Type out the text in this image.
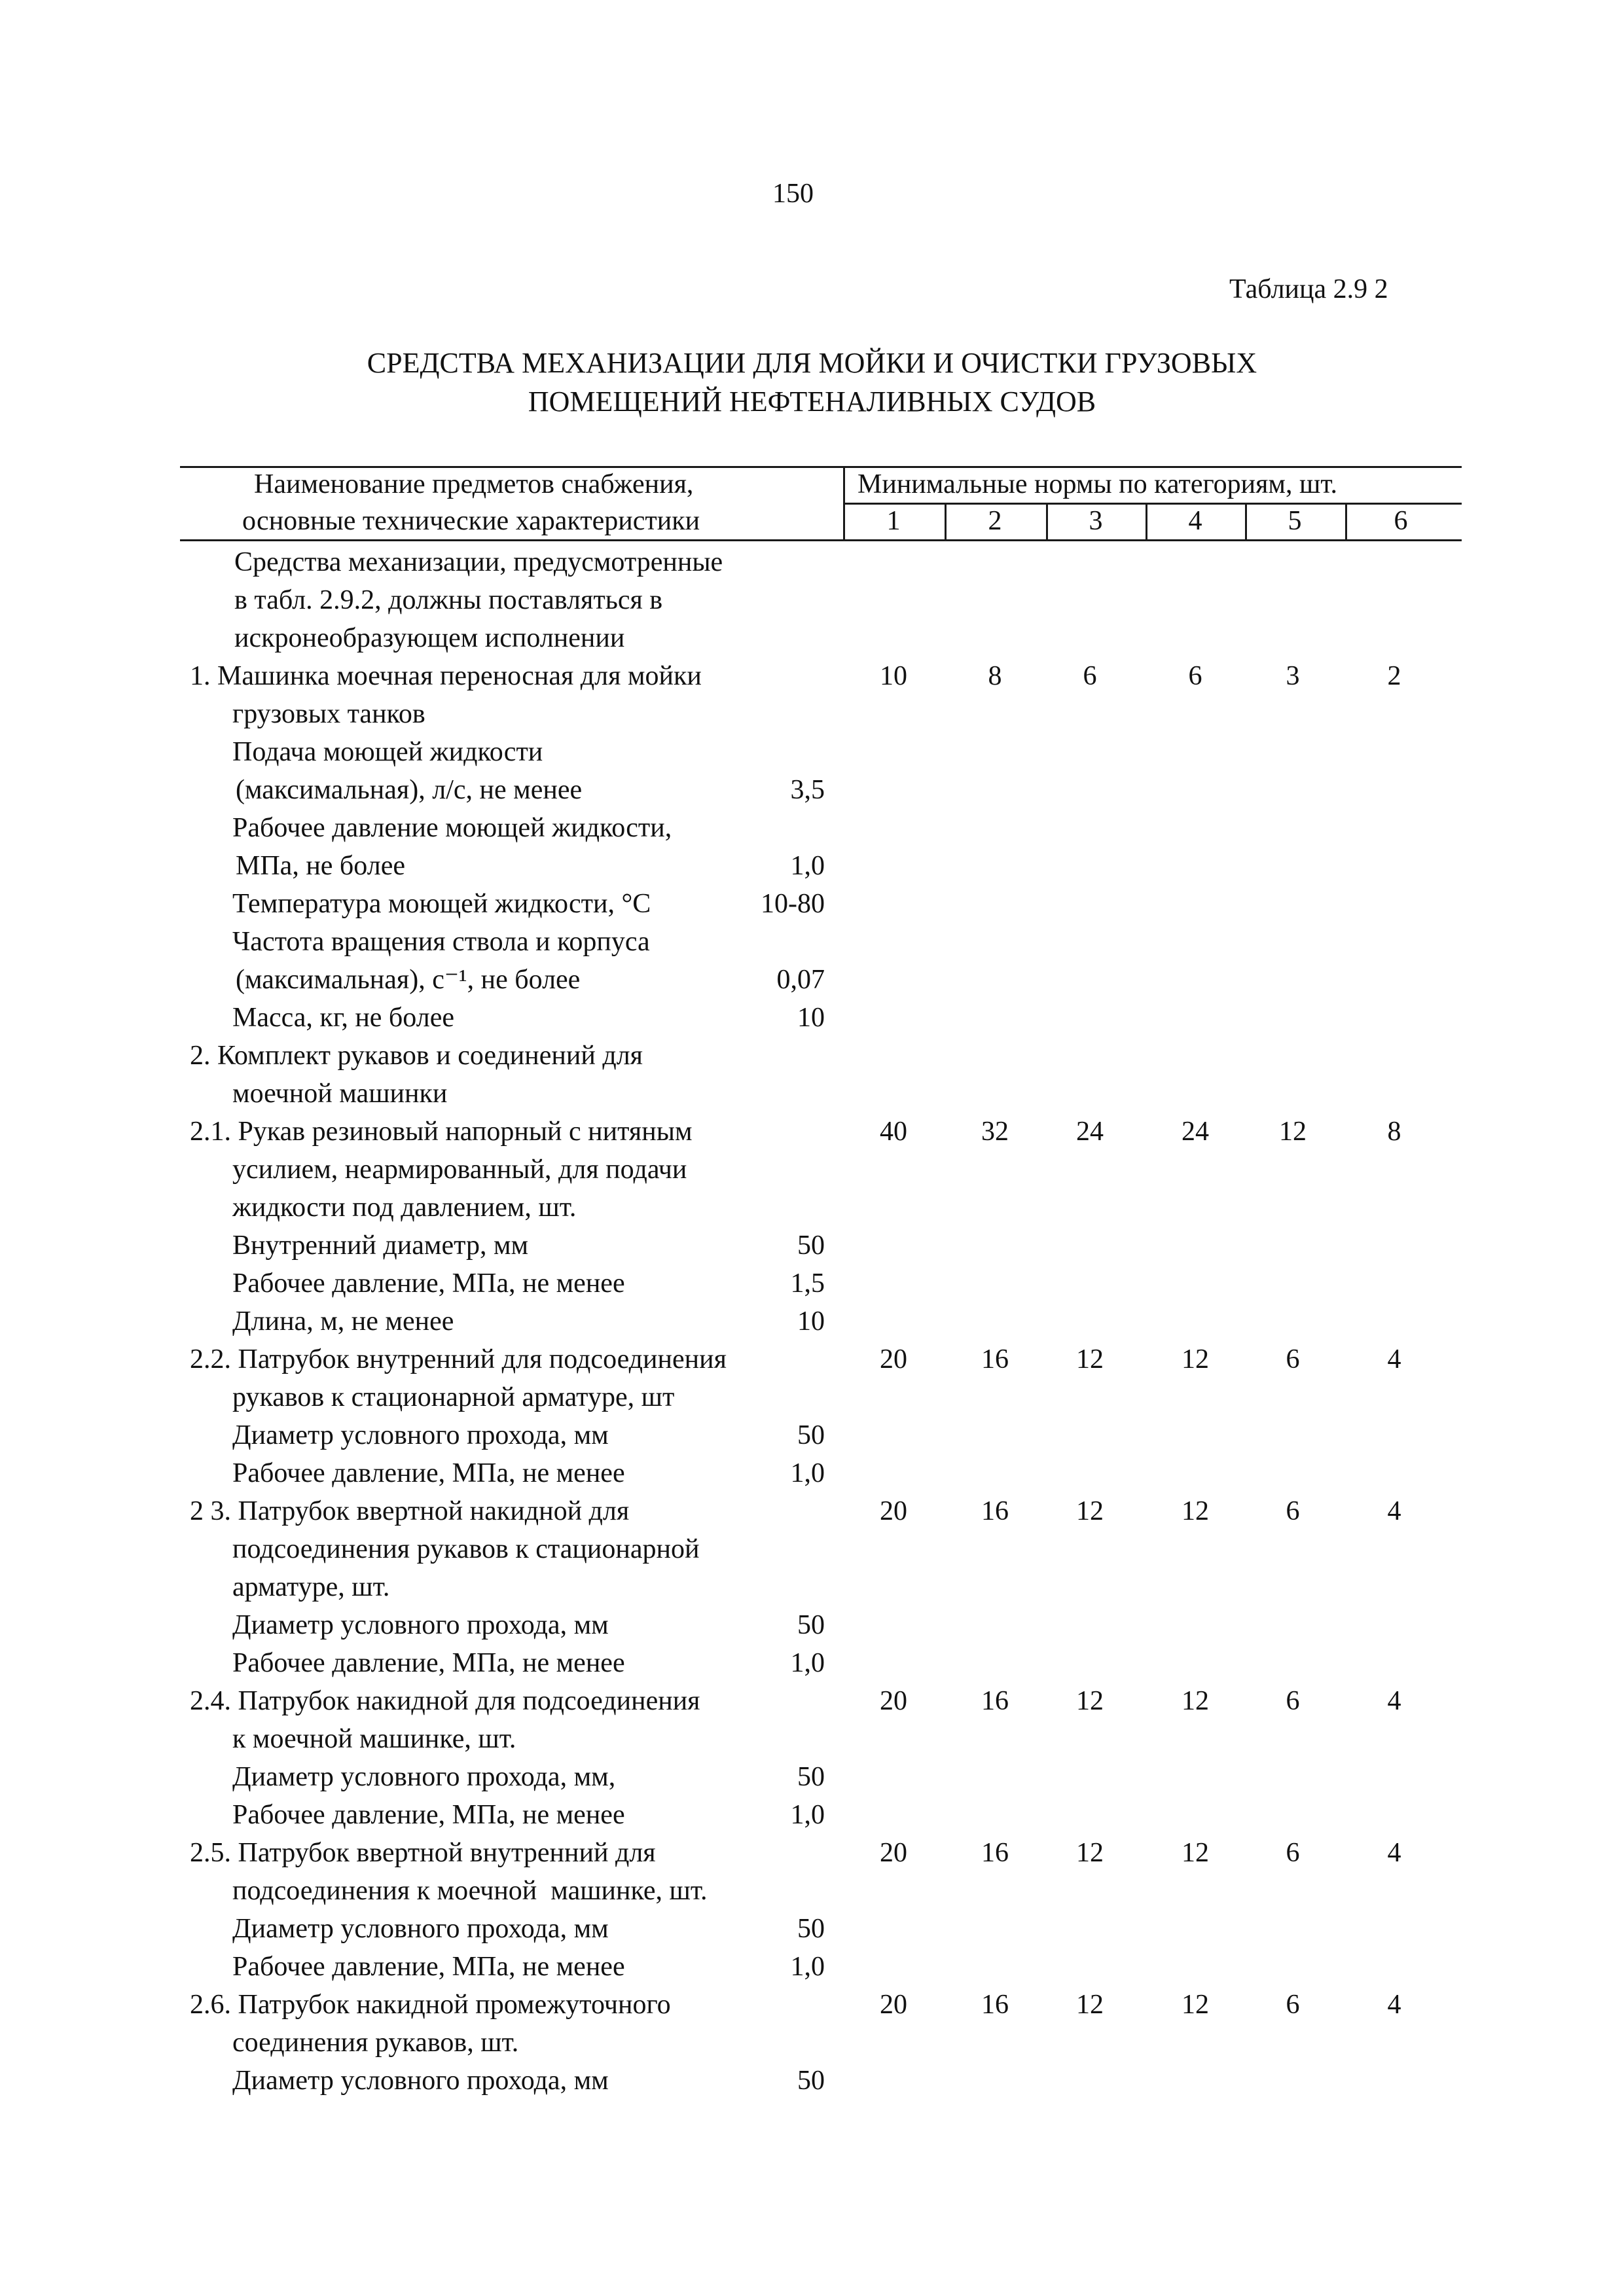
150
Таблица 2.9 2
СРЕДСТВА МЕХАНИЗАЦИИ ДЛЯ МОЙКИ И ОЧИСТКИ ГРУЗОВЫХ
ПОМЕЩЕНИЙ НЕФТЕНАЛИВНЫХ СУДОВ
Наименование предметов снабжения,
основные технические характеристики
Минимальные нормы по категориям, шт.
1	2	3	4	5	6
Средства механизации, предусмотренные
в табл. 2.9.2, должны поставляться в
искронеобразующем исполнении
1. Машинка моечная переносная для мойки
грузовых танков
10	8	6	6	3	2
Подача моющей жидкости
(максимальная), л/с, не менее	3,5
Рабочее давление моющей жидкости,
МПа, не более	1,0
Температура моющей жидкости, °С	10-80
Частота вращения ствола и корпуса
(максимальная), с⁻¹, не более	0,07
Масса, кг, не более	10
2. Комплект рукавов и соединений для
моечной машинки
2.1. Рукав резиновый напорный с нитяным
усилием, неармированный, для подачи
жидкости под давлением, шт.
40	32	24	24	12	8
Внутренний диаметр, мм	50
Рабочее давление, МПа, не менее	1,5
Длина, м, не менее	10
2.2. Патрубок внутренний для подсоединения
рукавов к стационарной арматуре, шт
20	16	12	12	6	4
Диаметр условного прохода, мм	50
Рабочее давление, МПа, не менее	1,0
2 3. Патрубок ввертной накидной для
подсоединения рукавов к стационарной
арматуре, шт.
20	16	12	12	6	4
Диаметр условного прохода, мм	50
Рабочее давление, МПа, не менее	1,0
2.4. Патрубок накидной для подсоединения
к моечной машинке, шт.
20	16	12	12	6	4
Диаметр условного прохода, мм,	50
Рабочее давление, МПа, не менее	1,0
2.5. Патрубок ввертной внутренний для
подсоединения к моечной  машинке, шт.
20	16	12	12	6	4
Диаметр условного прохода, мм	50
Рабочее давление, МПа, не менее	1,0
2.6. Патрубок накидной промежуточного
соединения рукавов, шт.
20	16	12	12	6	4
Диаметр условного прохода, мм	50
